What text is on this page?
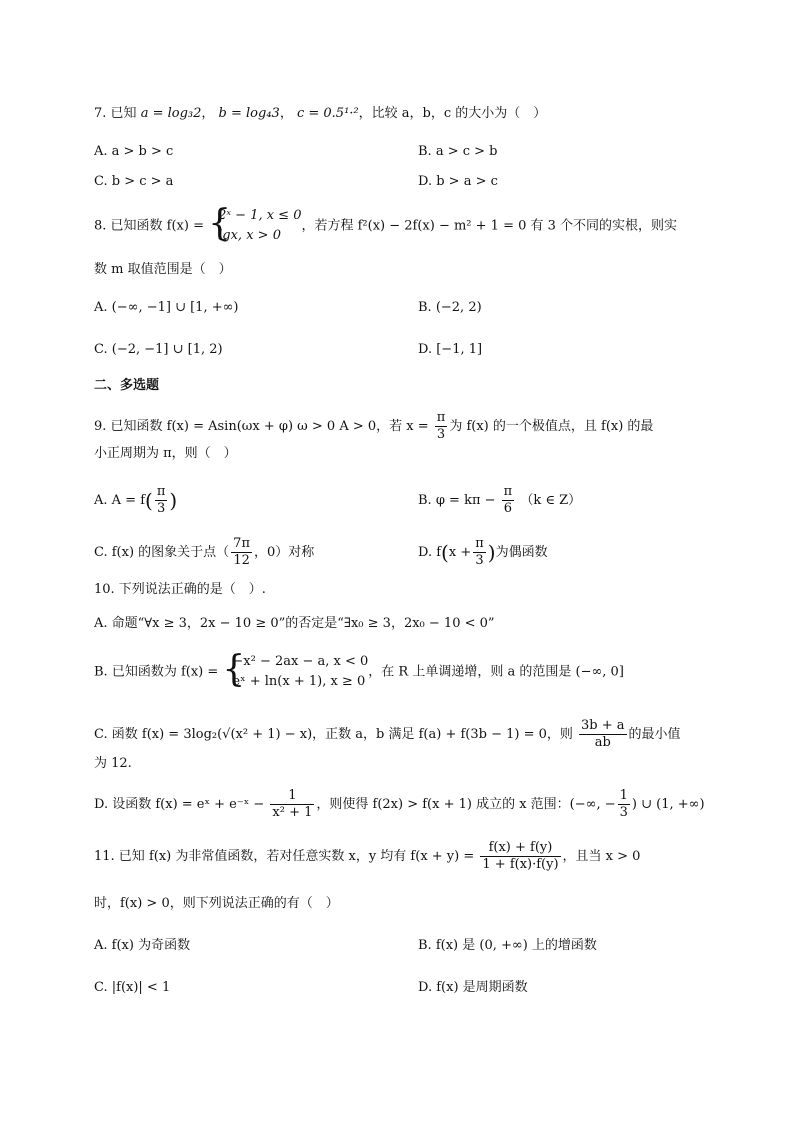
7. 已知 a = log₃2， b = log₄3， c = 0.5¹·²，比较 a，b，c 的大小为（　）
A. a > b > c	B. a > c > b
C. b > c > a	D. b > a > c
8. 已知函数 f(x) = {
2ˣ − 1, x ≤ 0
lgx, x > 0
，若方程 f²(x) − 2f(x) − m² + 1 = 0 有 3 个不同的实根，则实
数 m 取值范围是（　）
A. (−∞, −1] ∪ [1, +∞)	B. (−2, 2)
C. (−2, −1] ∪ [1, 2)	D. [−1, 1]
二、多选题
9. 已知函数 f(x) = Asin(ωx + φ) ω > 0 A > 0，若 $x = \frac{\pi}{3}$ 为 f(x) 的一个极值点，且 f(x) 的最
小正周期为 π，则（　）
A. $A = f( \frac{\pi}{3}$ )	B. $\varphi = k\pi - \frac{\pi}{6} (k$ ∈ Z）
C. f(x) 的图象关于点（ $\frac{7\pi}{12}$ ，0）对称	D. $f(x + \frac{\pi}{3}$ )为偶函数
10. 下列说法正确的是（　）.
A. 命题“∀x ≥ 3，2x − 10 ≥ 0”的否定是“∃x₀ ≥ 3，2x₀ − 10 < 0”
B. 已知函数为 f(x) = {
−x² − 2ax − a, x < 0
eˣ + ln(x + 1), x ≥ 0
，在 R 上单调递增，则 a 的范围是 (−∞, 0]
C. 函数 f(x) = 3log₂(√(x² + 1) − x)，正数 a，b 满足 f(a) + f(3b − 1) = 0，则 $\frac{3b + a}{ab}$ 的最小值
为 12.
D. 设函数 f(x) = eˣ + e⁻ˣ − $\frac{1}{\text{x² + 1}}$ ，则使得 f(2x) > f(x + 1) 成立的 x 范围：(−∞, − $\frac{1}{3}$ ) ∪ (1, +∞)
11. 已知 f(x) 为非常值函数，若对任意实数 x，y 均有 $f(x + y) = \frac{f(x) + f(y)}{1 + f(x)\cdot f(y)}$ ，且当 x > 0
时，f(x) > 0，则下列说法正确的有（　）
A. f(x) 为奇函数	B. f(x) 是 (0, +∞) 上的增函数
C. |f(x)| < 1	D. f(x) 是周期函数
